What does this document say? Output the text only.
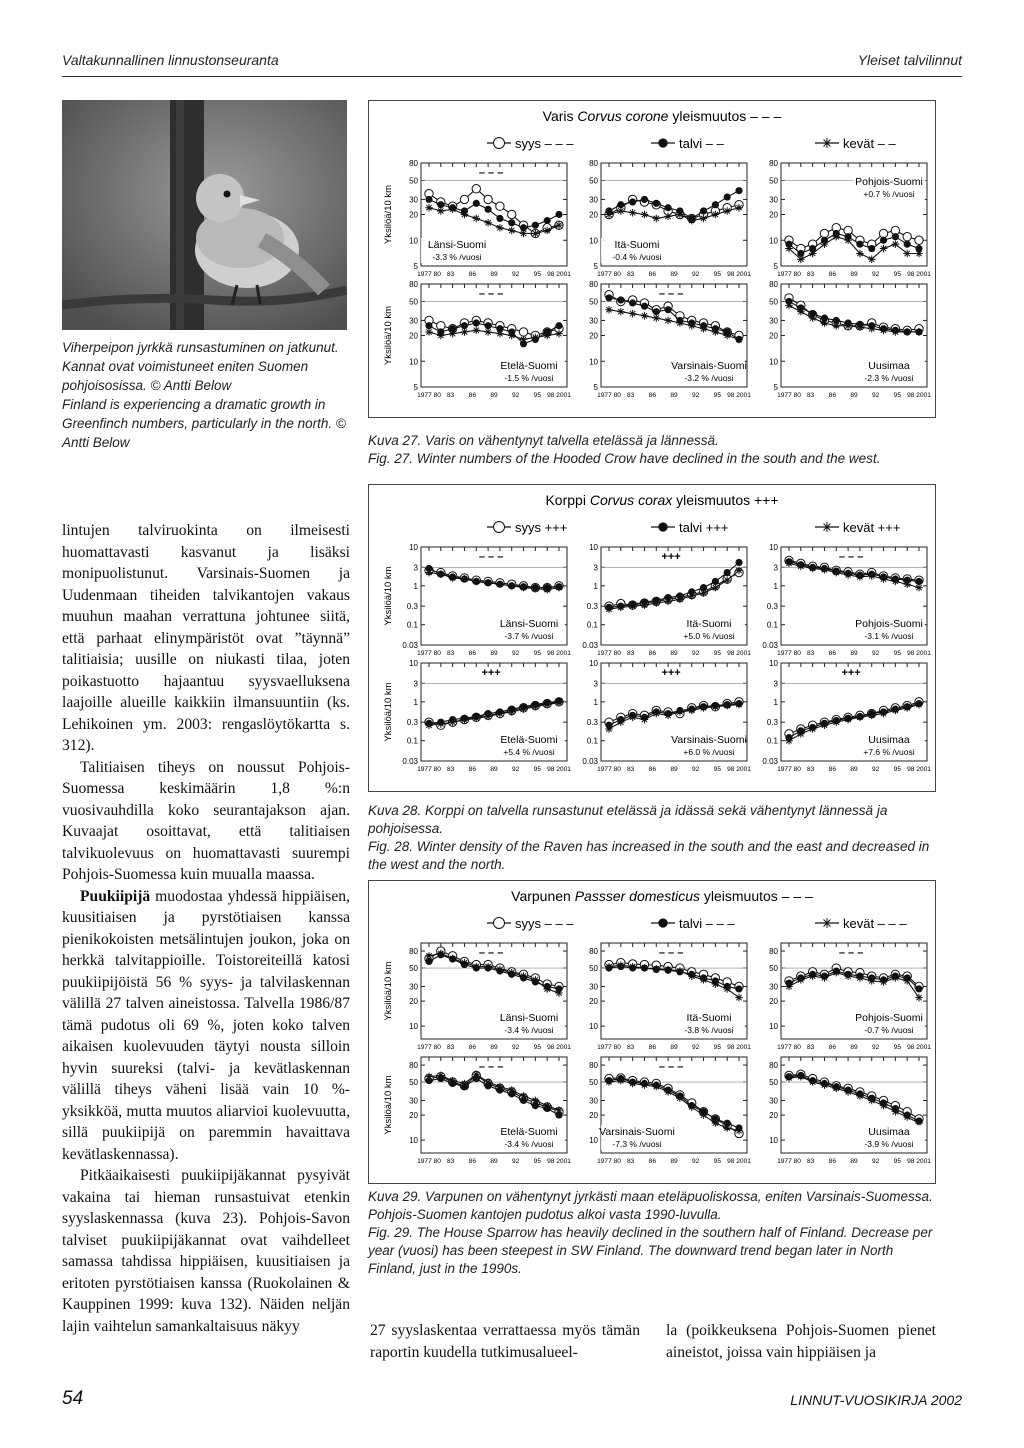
Valtakunnallinen linnustonseuranta	Yleiset talvilinnut
Viherpeipon jyrkkä runsastuminen on jatkunut. Kannat ovat voimistuneet eniten Suomen pohjoisosissa. © Antti Below
Finland is experiencing a dramatic growth in Greenfinch numbers, particularly in the north. © Antti Below
Varis Corvus corone yleismuutos – – –
syys – – –	talvi – –	kevät – –
80
50
30
20
10
5
1977 80 83 86 89 92 95 98 2001
– – –
Länsi-Suomi
-3.3 % /vuosi
Yksilöä/10 km
80
50
30
20
10
5
1977 80 83 86 89 92 95 98 2001
Itä-Suomi
-0.4 % /vuosi
80
50
30
20
10
5
1977 80 83 86 89 92 95 98 2001
Pohjois-Suomi
+0.7 % /vuosi
80
50
30
20
10
5
1977 80 83 86 89 92 95 98 2001
– – –
Etelä-Suomi
-1.5 % /vuosi
Yksilöä/10 km
80
50
30
20
10
5
1977 80 83 86 89 92 95 98 2001
– – –
Varsinais-Suomi
-3.2 % /vuosi
80
50
30
20
10
5
1977 80 83 86 89 92 95 98 2001
Uusimaa
-2.3 % /vuosi

Kuva 27. Varis on vähentynyt talvella etelässä ja lännessä.

Fig. 27. Winter numbers of the Hooded Crow have declined in the south and the west.

Korppi Corvus corax yleismuutos +++
syys +++	talvi +++	kevät +++
10
3
1
0.3
0.1
0.03
1977 80 83 86 89 92 95 98 2001
– – –
Länsi-Suomi
-3.7 % /vuosi
Yksilöä/10 km
10
3
1
0.3
0.1
0.03
1977 80 83 86 89 92 95 98 2001
+++
Itä-Suomi
+5.0 % /vuosi
10
3
1
0.3
0.1
0.03
1977 80 83 86 89 92 95 98 2001
– – –
Pohjois-Suomi
-3.1 % /vuosi
10
3
1
0.3
0.1
0.03
1977 80 83 86 89 92 95 98 2001
+++
Etelä-Suomi
+5.4 % /vuosi
Yksilöä/10 km
10
3
1
0.3
0.1
0.03
1977 80 83 86 89 92 95 98 2001
+++
Varsinais-Suomi
+6.0 % /vuosi
10
3
1
0.3
0.1
0.03
1977 80 83 86 89 92 95 98 2001
+++
Uusimaa
+7.6 % /vuosi

Kuva 28. Korppi on talvella runsastunut etelässä ja idässä sekä vähentynyt lännessä ja pohjoisessa.

Fig. 28. Winter density of the Raven has increased in the south and the east and decreased in the west and the north.

Varpunen Passser domesticus yleismuutos – – –
syys – – –	talvi – – –	kevät – – –
80
50
30
20
10
1977 80 83 86 89 92 95 98 2001
– – –
Länsi-Suomi
-3.4 % /vuosi
Yksilöä/10 km
80
50
30
20
10
1977 80 83 86 89 92 95 98 2001
– – –
Itä-Suomi
-3.8 % /vuosi
80
50
30
20
10
1977 80 83 86 89 92 95 98 2001
– – –
Pohjois-Suomi
-0.7 % /vuosi
80
50
30
20
10
1977 80 83 86 89 92 95 98 2001
– – –
Etelä-Suomi
-3.4 % /vuosi
Yksilöä/10 km
80
50
30
20
10
1977 80 83 86 89 92 95 98 2001
– – –
Varsinais-Suomi
-7.3 % /vuosi
80
50
30
20
10
1977 80 83 86 89 92 95 98 2001
Uusimaa
-3.9 % /vuosi

Kuva 29. Varpunen on vähentynyt jyrkästi maan eteläpuoliskossa, eniten Varsinais-Suomessa. Pohjois-Suomen kantojen pudotus alkoi vasta 1990-luvulla.

Fig. 29. The House Sparrow has heavily declined in the southern half of Finland. Decrease per year (vuosi) has been steepest in SW Finland. The downward trend began later in North Finland, just in the 1990s.

lintujen talviruokinta on ilmeisesti huomattavasti kasvanut ja lisäksi monipuolistunut. Varsinais-Suomen ja Uudenmaan tiheiden talvikantojen vakaus muuhun maahan verrattuna johtunee siitä, että parhaat elinympäristöt ovat ”täynnä” talitiaisia; uusille on niukasti tilaa, joten poikastuotto hajaantuu syysvaelluksena laajoille alueille kaikkiin ilmansuuntiin (ks. Lehikoinen ym. 2003: rengaslöytökartta s. 312).

Talitiaisen tiheys on noussut Pohjois-Suomessa keskimäärin 1,8 %:n vuosivauhdilla koko seurantajakson ajan. Kuvaajat osoittavat, että talitiaisen talvikuolevuus on huomattavasti suurempi Pohjois-Suomessa kuin muualla maassa.

Puukiipijä muodostaa yhdessä hippiäisen, kuusitiaisen ja pyrstötiaisen kanssa pienikokoisten metsälintujen joukon, joka on herkkä talvitappioille. Toistoreiteillä katosi puukiipijöistä 56 % syys- ja talvilaskennan välillä 27 talven aineistossa. Talvella 1986/87 tämä pudotus oli 69 %, joten koko talven aikaisen kuolevuuden täytyi nousta silloin hyvin suureksi (talvi- ja kevätlaskennan välillä tiheys väheni lisää vain 10 %-yksikköä, mutta muutos aliarvioi kuolevuutta, sillä puukiipijä on paremmin havaittava kevätlaskennassa).

Pitkäaikaisesti puukiipijäkannat pysyivät vakaina tai hieman runsastuivat etenkin syyslaskennassa (kuva 23). Pohjois-Savon talviset puukiipijäkannat ovat vaihdelleet samassa tahdissa hippiäisen, kuusitiaisen ja eritoten pyrstötiaisen kanssa (Ruokolainen & Kauppinen 1999: kuva 132). Näiden neljän lajin vaihtelun samankaltaisuus näkyy	27 syyslaskentaa verrattaessa myös tämän raportin kuudella tutkimusalueel-

la (poikkeuksena Pohjois-Suomen pienet aineistot, joissa vain hippiäisen ja

54	LINNUT-VUOSIKIRJA 2002
